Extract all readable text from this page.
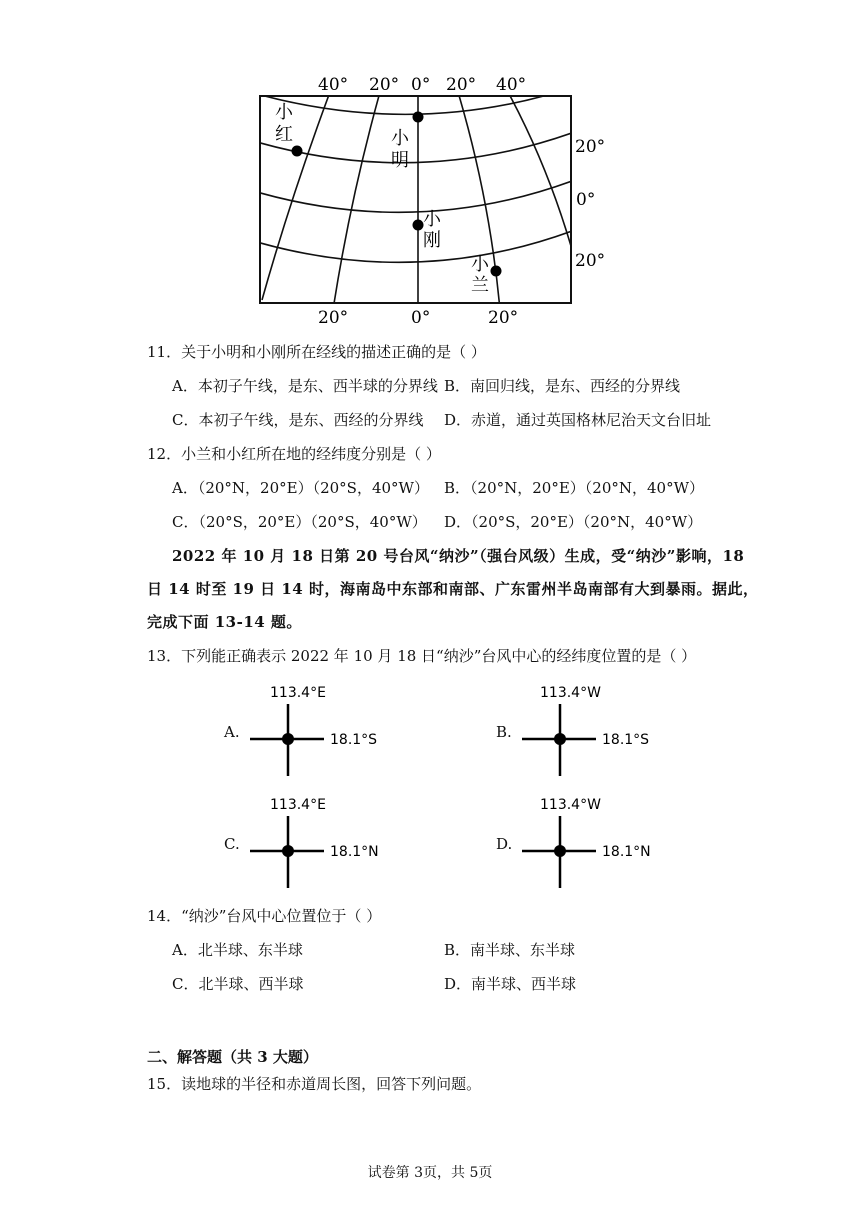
40° 20° 0° 20° 40°
20°
0°
20°
20°	0°	20°
小
红	小
明
小
刚
小
兰
11．关于小明和小刚所在经线的描述正确的是（ ）
A．本初子午线，是东、西半球的分界线 B．南回归线，是东、西经的分界线
C．本初子午线，是东、西经的分界线 D．赤道，通过英国格林尼治天文台旧址
12．小兰和小红所在地的经纬度分别是（ ）
A．（20°N，20°E）（20°S，40°W） B．（20°N，20°E）（20°N，40°W）
C．（20°S，20°E）（20°S，40°W） D．（20°S，20°E）（20°N，40°W）
2022 年 10 月 18 日第 20 号台风“纳沙”（强台风级）生成，受“纳沙”影响，18
日 14 时至 19 日 14 时，海南岛中东部和南部、广东雷州半岛南部有大到暴雨。据此，
完成下面 13-14 题。
13．下列能正确表示 2022 年 10 月 18 日“纳沙”台风中心的经纬度位置的是（ ）
A.
113.4°E
18.1°S	B.
113.4°W
18.1°S
C.
113.4°E
18.1°N	D.
113.4°W
18.1°N
14．“纳沙”台风中心位置位于（ ）
A．北半球、东半球	B．南半球、东半球
C．北半球、西半球	D．南半球、西半球
二、解答题（共 3 大题）
15．读地球的半径和赤道周长图，回答下列问题。
试卷第 3页，共 5页
